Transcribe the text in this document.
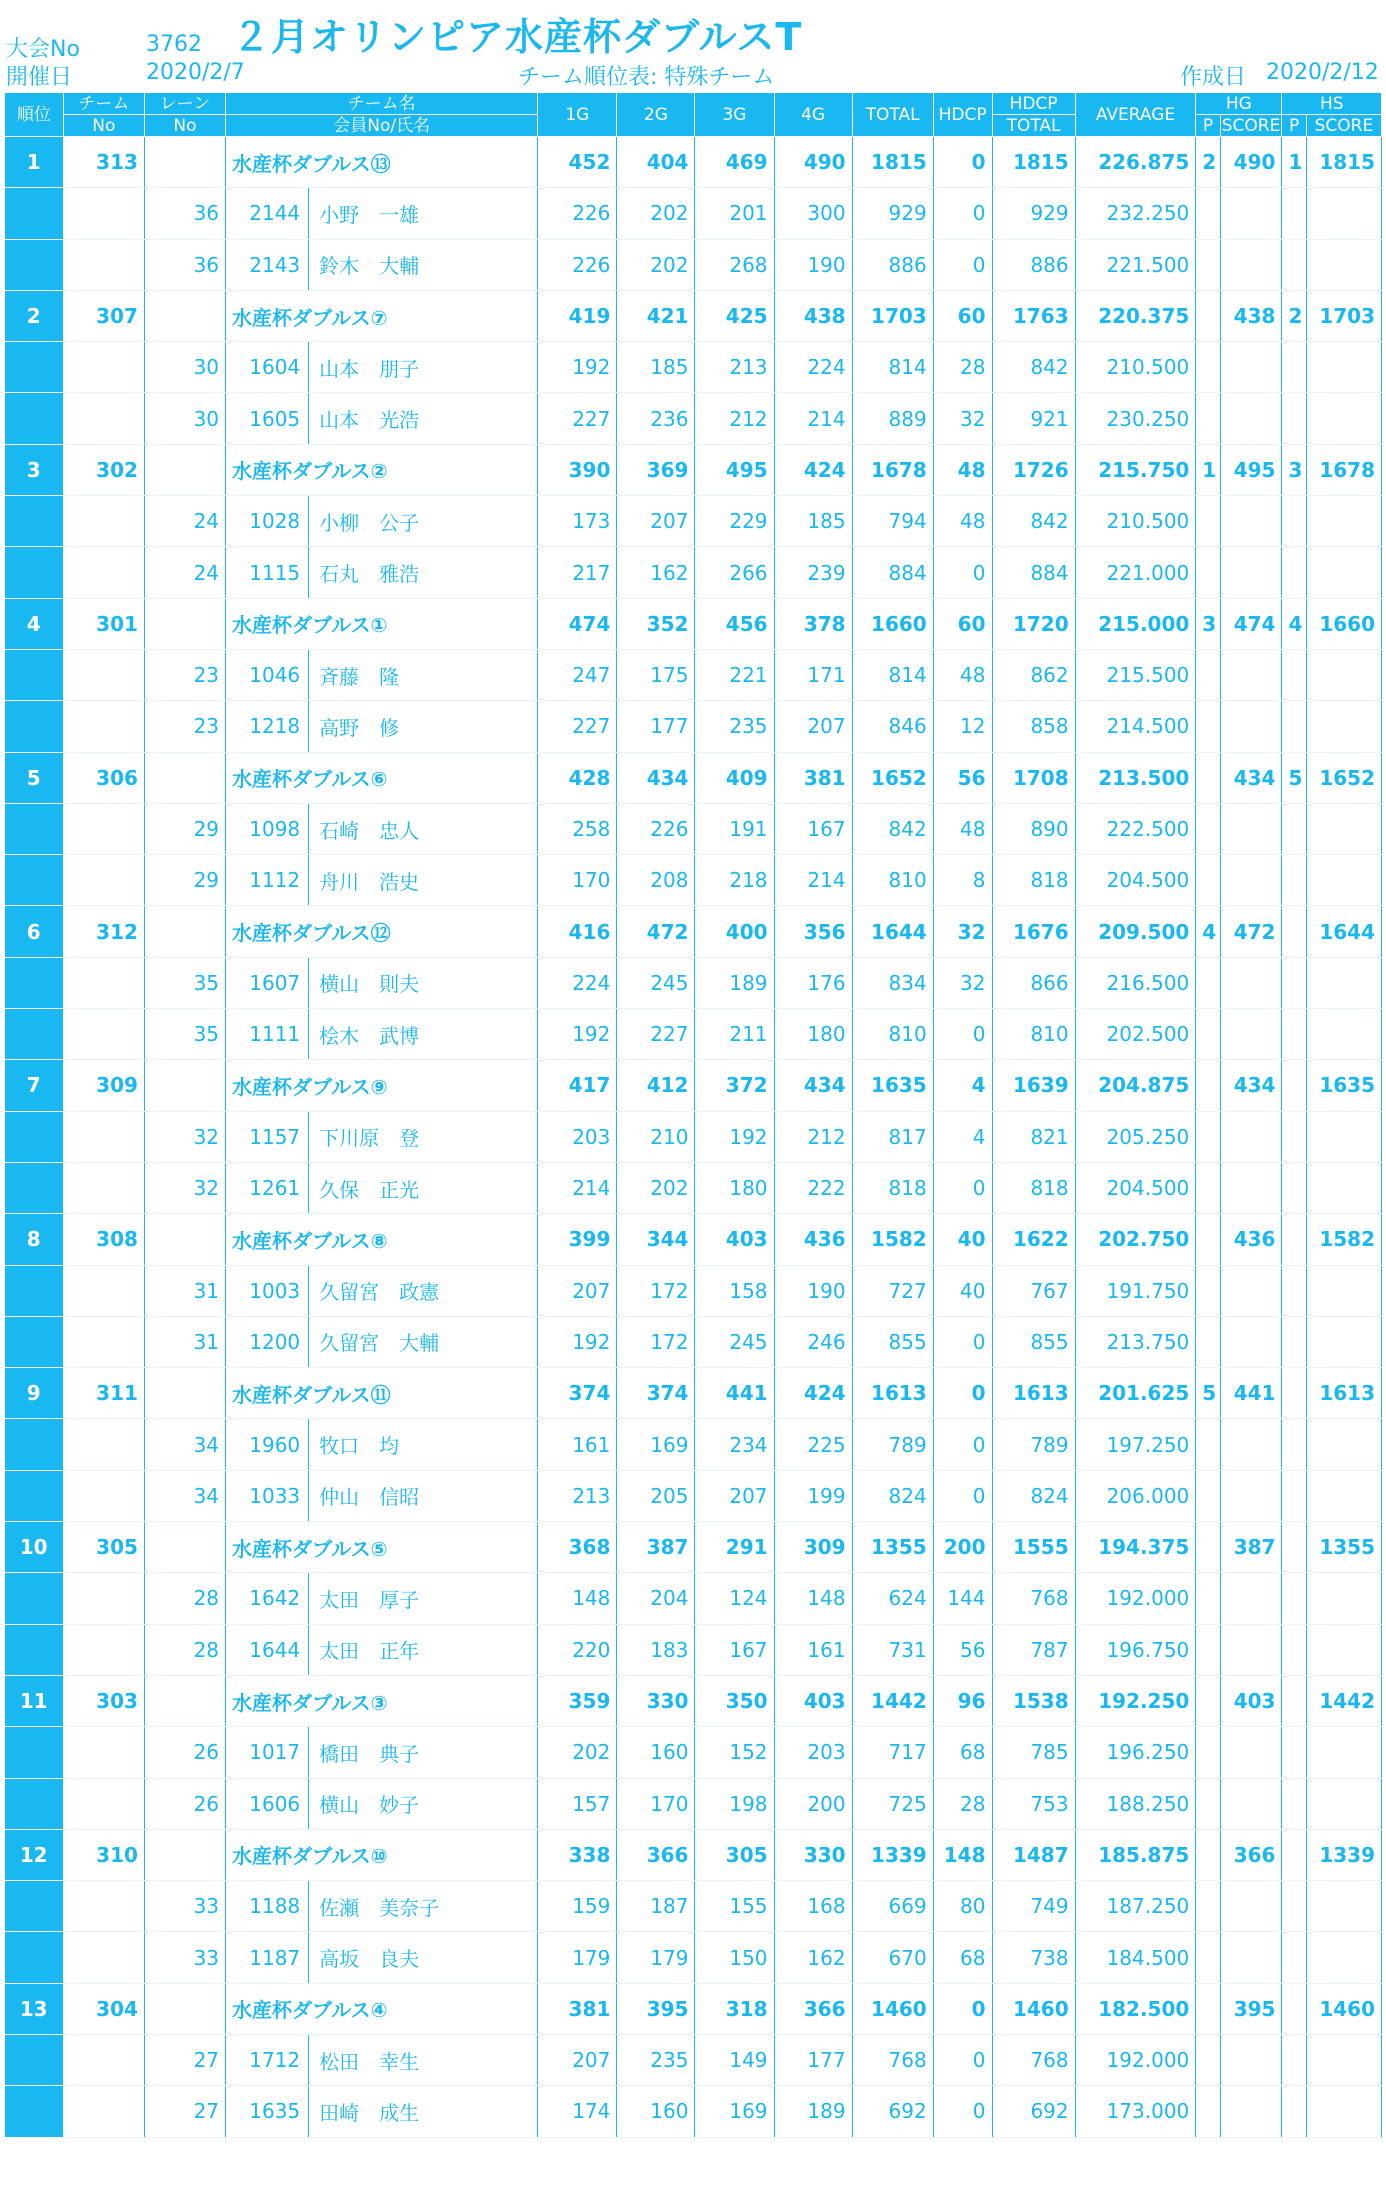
大会No	3762 ２月オリンピア水産杯ダブルスT
開催日	2020/2/7	チーム順位表: 特殊チーム	作成日 2020/2/12
順位	チーム	レーン	チーム名		1G	2G	3G	4G	TOTAL	HDCP	HDCP	AVERAGE	HG		HS	
	No	No	会員No/氏名								TOTAL		P	SCORE	P	SCORE
1	313		水産杯ダブルス⑬		452	404	469	490	1815	0	1815	226.875	2	490	1	1815
		36	2144	小野　一雄	226	202	201	300	929	0	929	232.250				
		36	2143	鈴木　大輔	226	202	268	190	886	0	886	221.500				
2	307		水産杯ダブルス⑦		419	421	425	438	1703	60	1763	220.375		438	2	1703
		30	1604	山本　朋子	192	185	213	224	814	28	842	210.500				
		30	1605	山本　光浩	227	236	212	214	889	32	921	230.250				
3	302		水産杯ダブルス②		390	369	495	424	1678	48	1726	215.750	1	495	3	1678
		24	1028	小柳　公子	173	207	229	185	794	48	842	210.500				
		24	1115	石丸　雅浩	217	162	266	239	884	0	884	221.000				
4	301		水産杯ダブルス①		474	352	456	378	1660	60	1720	215.000	3	474	4	1660
		23	1046	斉藤　隆	247	175	221	171	814	48	862	215.500				
		23	1218	高野　修	227	177	235	207	846	12	858	214.500				
5	306		水産杯ダブルス⑥		428	434	409	381	1652	56	1708	213.500		434	5	1652
		29	1098	石崎　忠人	258	226	191	167	842	48	890	222.500				
		29	1112	舟川　浩史	170	208	218	214	810	8	818	204.500				
6	312		水産杯ダブルス⑫		416	472	400	356	1644	32	1676	209.500	4	472		1644
		35	1607	横山　則夫	224	245	189	176	834	32	866	216.500				
		35	1111	桧木　武博	192	227	211	180	810	0	810	202.500				
7	309		水産杯ダブルス⑨		417	412	372	434	1635	4	1639	204.875		434		1635
		32	1157	下川原　登	203	210	192	212	817	4	821	205.250				
		32	1261	久保　正光	214	202	180	222	818	0	818	204.500				
8	308		水産杯ダブルス⑧		399	344	403	436	1582	40	1622	202.750		436		1582
		31	1003	久留宮　政憲	207	172	158	190	727	40	767	191.750				
		31	1200	久留宮　大輔	192	172	245	246	855	0	855	213.750				
9	311		水産杯ダブルス⑪		374	374	441	424	1613	0	1613	201.625	5	441		1613
		34	1960	牧口　均	161	169	234	225	789	0	789	197.250				
		34	1033	仲山　信昭	213	205	207	199	824	0	824	206.000				
10	305		水産杯ダブルス⑤		368	387	291	309	1355	200	1555	194.375		387		1355
		28	1642	太田　厚子	148	204	124	148	624	144	768	192.000				
		28	1644	太田　正年	220	183	167	161	731	56	787	196.750				
11	303		水産杯ダブルス③		359	330	350	403	1442	96	1538	192.250		403		1442
		26	1017	橋田　典子	202	160	152	203	717	68	785	196.250				
		26	1606	横山　妙子	157	170	198	200	725	28	753	188.250				
12	310		水産杯ダブルス⑩		338	366	305	330	1339	148	1487	185.875		366		1339
		33	1188	佐瀬　美奈子	159	187	155	168	669	80	749	187.250				
		33	1187	高坂　良夫	179	179	150	162	670	68	738	184.500				
13	304		水産杯ダブルス④		381	395	318	366	1460	0	1460	182.500		395		1460
		27	1712	松田　幸生	207	235	149	177	768	0	768	192.000				
		27	1635	田崎　成生	174	160	169	189	692	0	692	173.000				
